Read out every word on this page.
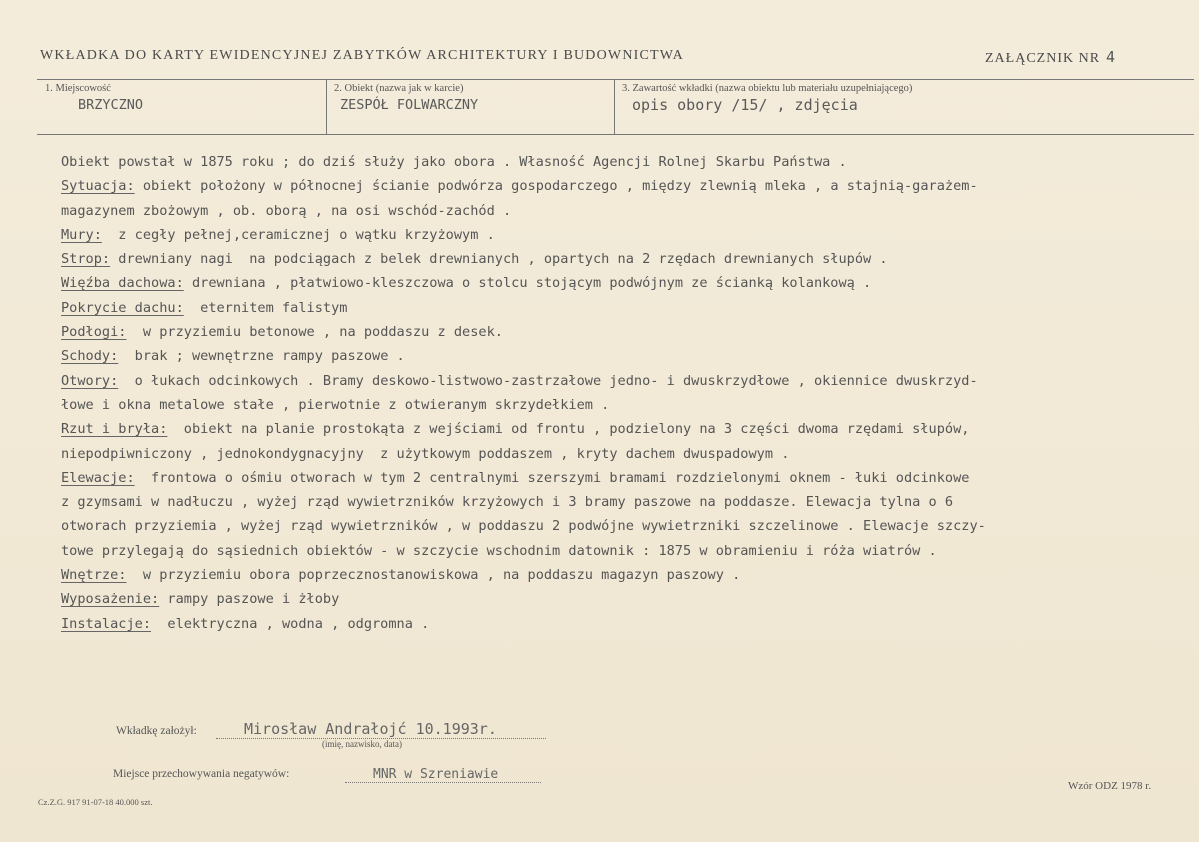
WKŁADKA DO KARTY EWIDENCYJNEJ ZABYTKÓW ARCHITEKTURY I BUDOWNICTWA	ZAŁĄCZNIK NR 4
1. Miejscowość
BRZYCZNO
2. Obiekt (nazwa jak w karcie)
ZESPÓŁ FOLWARCZNY
3. Zawartość wkładki (nazwa obiektu lub materiału uzupełniającego)
opis obory /15/ , zdjęcia
Obiekt powstał w 1875 roku ; do dziś służy jako obora . Własność Agencji Rolnej Skarbu Państwa .
Sytuacja: obiekt położony w północnej ścianie podwórza gospodarczego , między zlewnią mleka , a stajnią-garażem-
magazynem zbożowym , ob. oborą , na osi wschód-zachód .
Mury:  z cegły pełnej,ceramicznej o wątku krzyżowym .
Strop: drewniany nagi  na podciągach z belek drewnianych , opartych na 2 rzędach drewnianych słupów .
Więźba dachowa: drewniana , płatwiowo-kleszczowa o stolcu stojącym podwójnym ze ścianką kolankową .
Pokrycie dachu:  eternitem falistym
Podłogi:  w przyziemiu betonowe , na poddaszu z desek.
Schody:  brak ; wewnętrzne rampy paszowe .
Otwory:  o łukach odcinkowych . Bramy deskowo-listwowo-zastrzałowe jedno- i dwuskrzydłowe , okiennice dwuskrzyd-
łowe i okna metalowe stałe , pierwotnie z otwieranym skrzydełkiem .
Rzut i bryła:  obiekt na planie prostokąta z wejściami od frontu , podzielony na 3 części dwoma rzędami słupów,
niepodpiwniczony , jednokondygnacyjny  z użytkowym poddaszem , kryty dachem dwuspadowym .
Elewacje:  frontowa o ośmiu otworach w tym 2 centralnymi szerszymi bramami rozdzielonymi oknem - łuki odcinkowe
z gzymsami w nadłuczu , wyżej rząd wywietrzników krzyżowych i 3 bramy paszowe na poddasze. Elewacja tylna o 6
otworach przyziemia , wyżej rząd wywietrzników , w poddaszu 2 podwójne wywietrzniki szczelinowe . Elewacje szczy-
towe przylegają do sąsiednich obiektów - w szczycie wschodnim datownik : 1875 w obramieniu i róża wiatrów .
Wnętrze:  w przyziemiu obora poprzecznostanowiskowa , na poddaszu magazyn paszowy .
Wyposażenie: rampy paszowe i żłoby
Instalacje:  elektryczna , wodna , odgromna .
Wkładkę założył:	Mirosław Andrałojć 10.1993r.
(imię, nazwisko, data)
Miejsce przechowywania negatywów:	MNR w Szreniawie
Cz.Z.G. 917 91-07-18 40.000 szt.
Wzór ODZ 1978 r.
